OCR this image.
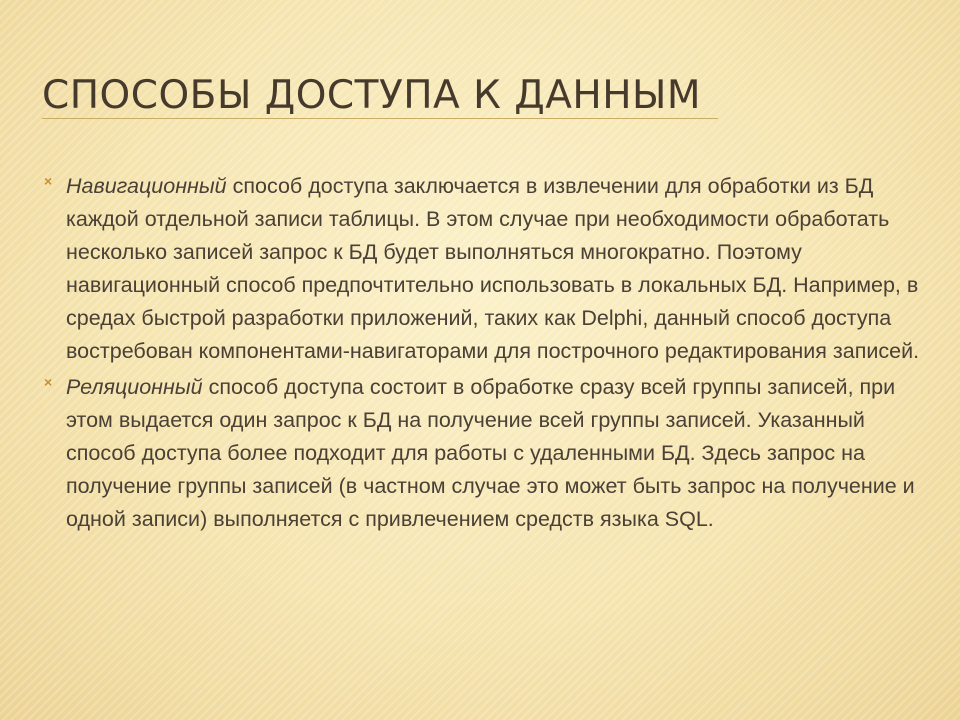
СПОСОБЫ ДОСТУПА К ДАННЫМ
× Навигационный способ доступа заключается в извлечении для обработки из БД каждой отдельной записи таблицы. В этом случае при необходимости обработать несколько записей запрос к БД будет выполняться многократно. Поэтому навигационный способ предпочтительно использовать в локальных БД. Например, в средах быстрой разработки приложений, таких как Delphi, данный способ доступа востребован компонентами-навигаторами для построчного редактирования записей.
× Реляционный способ доступа состоит в обработке сразу всей группы записей, при этом выдается один запрос к БД на получение всей группы записей. Указанный способ доступа более подходит для работы с удаленными БД. Здесь запрос на получение группы записей (в частном случае это может быть запрос на получение и одной записи) выполняется с привлечением средств языка SQL.
